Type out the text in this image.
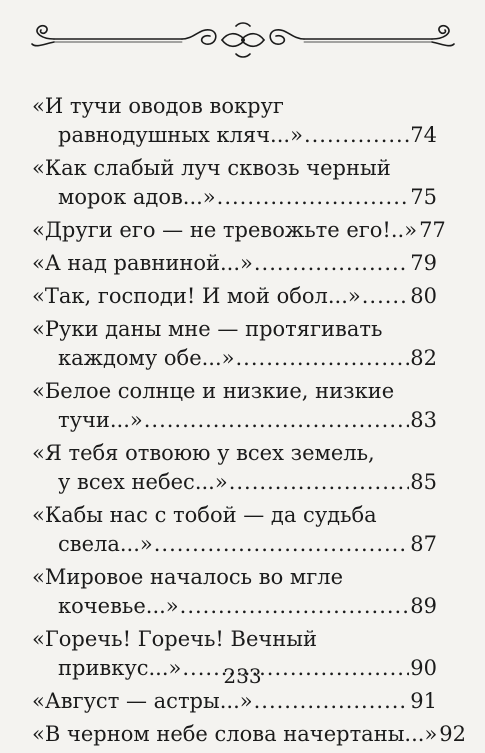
«И тучи оводов вокруг
равнодушных кляч...» .....	74
«Как слабый луч сквозь черный
морок адов...» .....	75
«Други его — не тревожьте его!..» 77
«А над равниной...» .....	79
«Так, господи! И мой обол...» ..... 80
«Руки даны мне — протягивать
каждому обе...» .....	82
«Белое солнце и низкие, низкие
тучи...» .....	83
«Я тебя отвоюю у всех земель,
у всех небес...» .....	85
«Кабы нас с тобой — да судьба
свела...» .....	87
«Мировое началось во мгле
кочевье...» .....	89
«Горечь! Горечь! Вечный
привкус...» .....	90
«Август — астры...» .....	91
«В черном небе слова начертаны...» 92
233
